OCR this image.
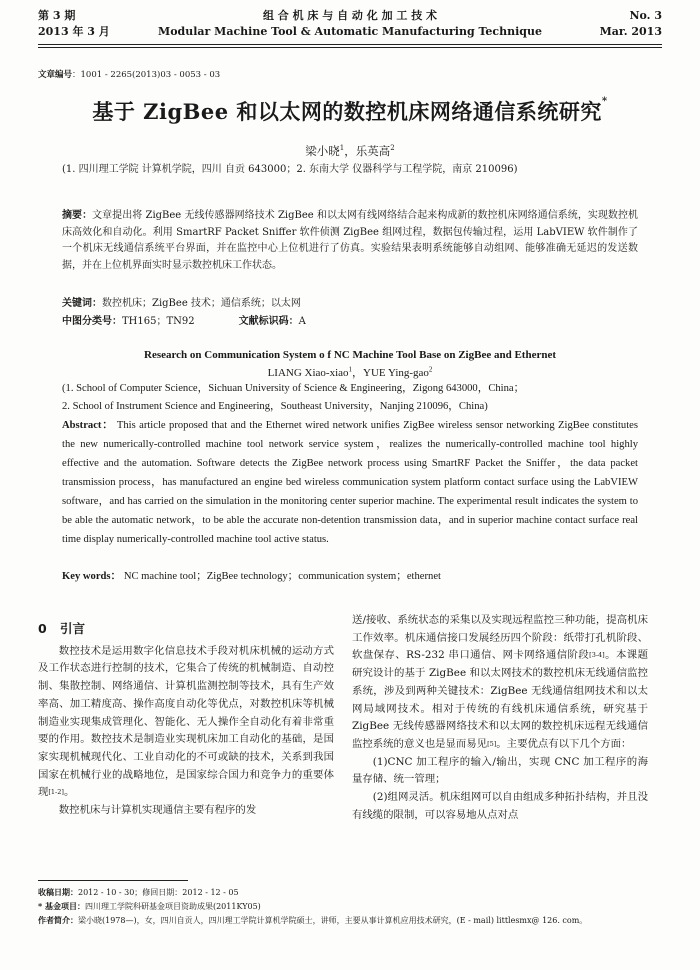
第 3 期
2013 年 3 月
组 合 机 床 与 自 动 化 加 工 技 术
Modular Machine Tool & Automatic Manufacturing Technique
No. 3
Mar. 2013
文章编号：1001 - 2265(2013)03 - 0053 - 03
基于 ZigBee 和以太网的数控机床网络通信系统研究*
梁小晓$^1$，乐英高$^2$
(1. 四川理工学院 计算机学院，四川 自贡 643000；2. 东南大学 仪器科学与工程学院，南京 210096)
摘要：文章提出将 ZigBee 无线传感器网络技术 ZigBee 和以太网有线网络结合起来构成新的数控机床网络通信系统，实现数控机床高效化和自动化。利用 SmartRF Packet Sniffer 软件侦测 ZigBee 组网过程，数据包传输过程，运用 LabVIEW 软件制作了一个机床无线通信系统平台界面，并在监控中心上位机进行了仿真。实验结果表明系统能够自动组网、能够准确无延迟的发送数据，并在上位机界面实时显示数控机床工作状态。
关键词：数控机床；ZigBee 技术；通信系统；以太网
中图分类号：TH165；TN92	文献标识码：A
Research on Communication System o f NC Machine Tool Base on ZigBee and Ethernet
LIANG Xiao-xiao$^1$，YUE Ying-gao$^2$
(1. School of Computer Science，Sichuan University of Science & Engineering，Zigong 643000，China；
2. School of Instrument Science and Engineering，Southeast University，Nanjing 210096，China)
Abstract： This article proposed that and the Ethernet wired network unifies ZigBee wireless sensor networking ZigBee constitutes the new numerically-controlled machine tool network service system，realizes the numerically-controlled machine tool highly effective and the automation. Software detects the ZigBee network process using SmartRF Packet the Sniffer，the data packet transmission process，has manufactured an engine bed wireless communication system platform contact surface using the LabVIEW software，and has carried on the simulation in the monitoring center superior machine. The experimental result indicates the system to be able the automatic network，to be able the accurate non-detention transmission data，and in superior machine contact surface real time display numerically-controlled machine tool active status.
Key words： NC machine tool；ZigBee technology；communication system；ethernet
0 引言

数控技术是运用数字化信息技术手段对机床机械的运动方式及工作状态进行控制的技术，它集合了传统的机械制造、自动控制、集散控制、网络通信、计算机监测控制等技术，具有生产效率高、加工精度高、操作高度自动化等优点，对数控机床等机械制造业实现集成管理化、智能化、无人操作全自动化有着非常重要的作用。数控技术是制造业实现机床加工自动化的基础，是国家实现机械现代化、工业自动化的不可或缺的技术，关系到我国国家在机械行业的战略地位，是国家综合国力和竞争力的重要体现[1-2]。

数控机床与计算机实现通信主要有程序的发

送/接收、系统状态的采集以及实现远程监控三种功能，提高机床工作效率。机床通信接口发展经历四个阶段：纸带打孔机阶段、软盘保存、RS-232 串口通信、网卡网络通信阶段[3-4]。本课题研究设计的基于 ZigBee 和以太网技术的数控机床无线通信监控系统，涉及到两种关键技术：ZigBee 无线通信组网技术和以太网局域网技术。相对于传统的有线机床通信系统，研究基于 ZigBee 无线传感器网络技术和以太网的数控机床远程无线通信监控系统的意义也是显而易见[5]。主要优点有以下几个方面：

(1)CNC 加工程序的输入/输出，实现 CNC 加工程序的海量存储、统一管理；

(2)组网灵活。机床组网可以自由组成多种拓扑结构，并且没有线缆的限制，可以容易地从点对点

收稿日期：2012 - 10 - 30；修回日期：2012 - 12 - 05
* 基金项目：四川理工学院科研基金项目资助成果(2011KY05)
作者简介：梁小晓(1978—)，女，四川自贡人，四川理工学院计算机学院硕士，讲师，主要从事计算机应用技术研究，(E - mail) littlesmx@ 126. com。
